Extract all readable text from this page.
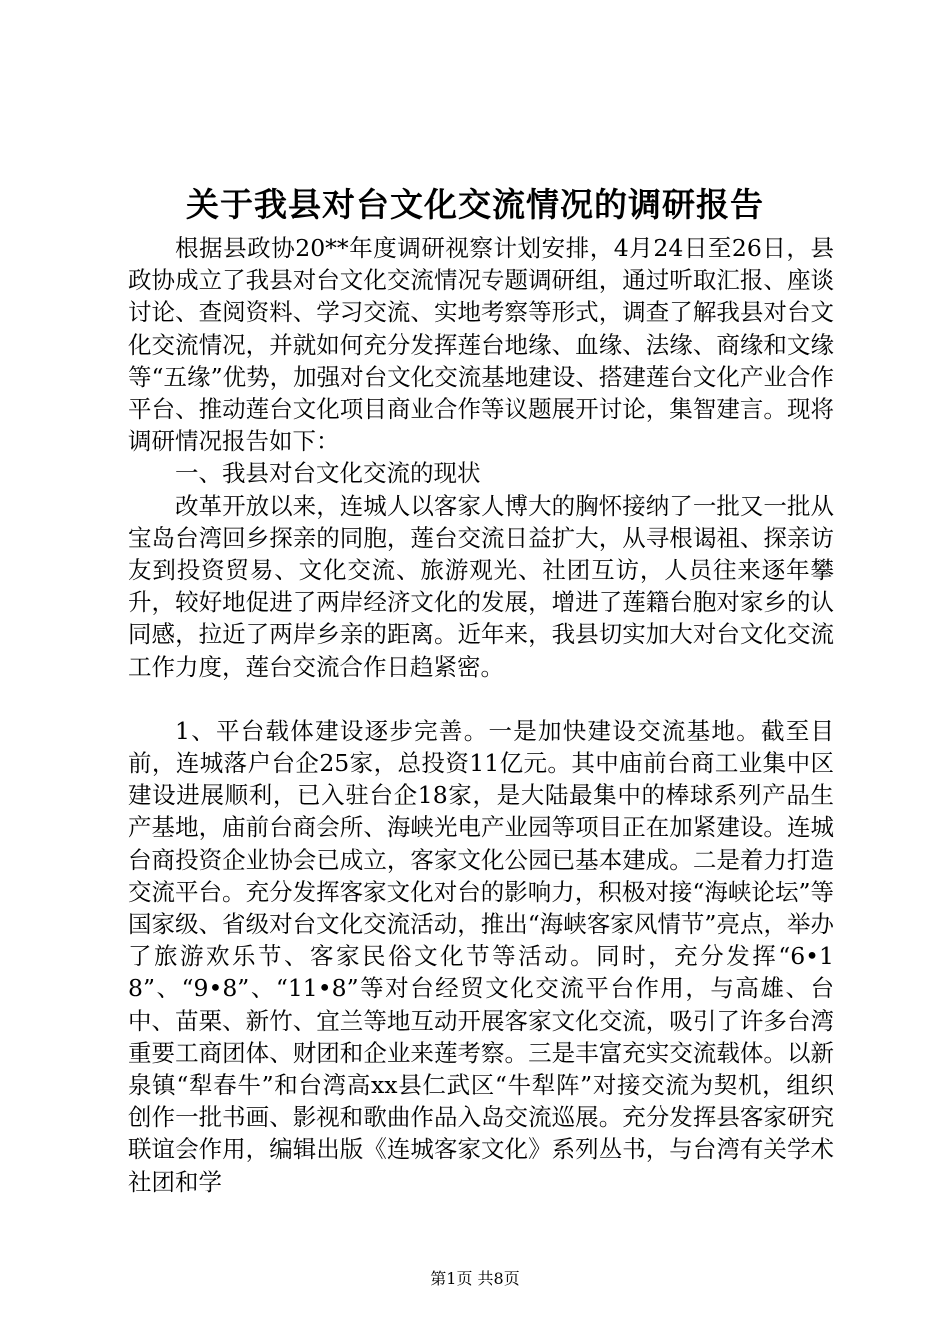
关于我县对台文化交流情况的调研报告

根据县政协20**年度调研视察计划安排，4月24日至26日，县政协成立了我县对台文化交流情况专题调研组，通过听取汇报、座谈讨论、查阅资料、学习交流、实地考察等形式，调查了解我县对台文化交流情况，并就如何充分发挥莲台地缘、血缘、法缘、商缘和文缘等“五缘”优势，加强对台文化交流基地建设、搭建莲台文化产业合作平台、推动莲台文化项目商业合作等议题展开讨论，集智建言。现将调研情况报告如下：

一、我县对台文化交流的现状

改革开放以来，连城人以客家人博大的胸怀接纳了一批又一批从宝岛台湾回乡探亲的同胞，莲台交流日益扩大，从寻根谒祖、探亲访友到投资贸易、文化交流、旅游观光、社团互访，人员往来逐年攀升，较好地促进了两岸经济文化的发展，增进了莲籍台胞对家乡的认同感，拉近了两岸乡亲的距离。近年来，我县切实加大对台文化交流工作力度，莲台交流合作日趋紧密。

1、平台载体建设逐步完善。一是加快建设交流基地。截至目前，连城落户台企25家，总投资11亿元。其中庙前台商工业集中区建设进展顺利，已入驻台企18家，是大陆最集中的棒球系列产品生产基地，庙前台商会所、海峡光电产业园等项目正在加紧建设。连城台商投资企业协会已成立，客家文化公园已基本建成。二是着力打造交流平台。充分发挥客家文化对台的影响力，积极对接“海峡论坛”等国家级、省级对台文化交流活动，推出“海峡客家风情节”亮点，举办了旅游欢乐节、客家民俗文化节等活动。同时，充分发挥“6•18”、“9•8”、“11•8”等对台经贸文化交流平台作用，与高雄、台中、苗栗、新竹、宜兰等地互动开展客家文化交流，吸引了许多台湾重要工商团体、财团和企业来莲考察。三是丰富充实交流载体。以新泉镇“犁春牛”和台湾高xx县仁武区“牛犁阵”对接交流为契机，组织创作一批书画、影视和歌曲作品入岛交流巡展。充分发挥县客家研究联谊会作用，编辑出版《连城客家文化》系列丛书，与台湾有关学术社团和学

第1页 共8页
